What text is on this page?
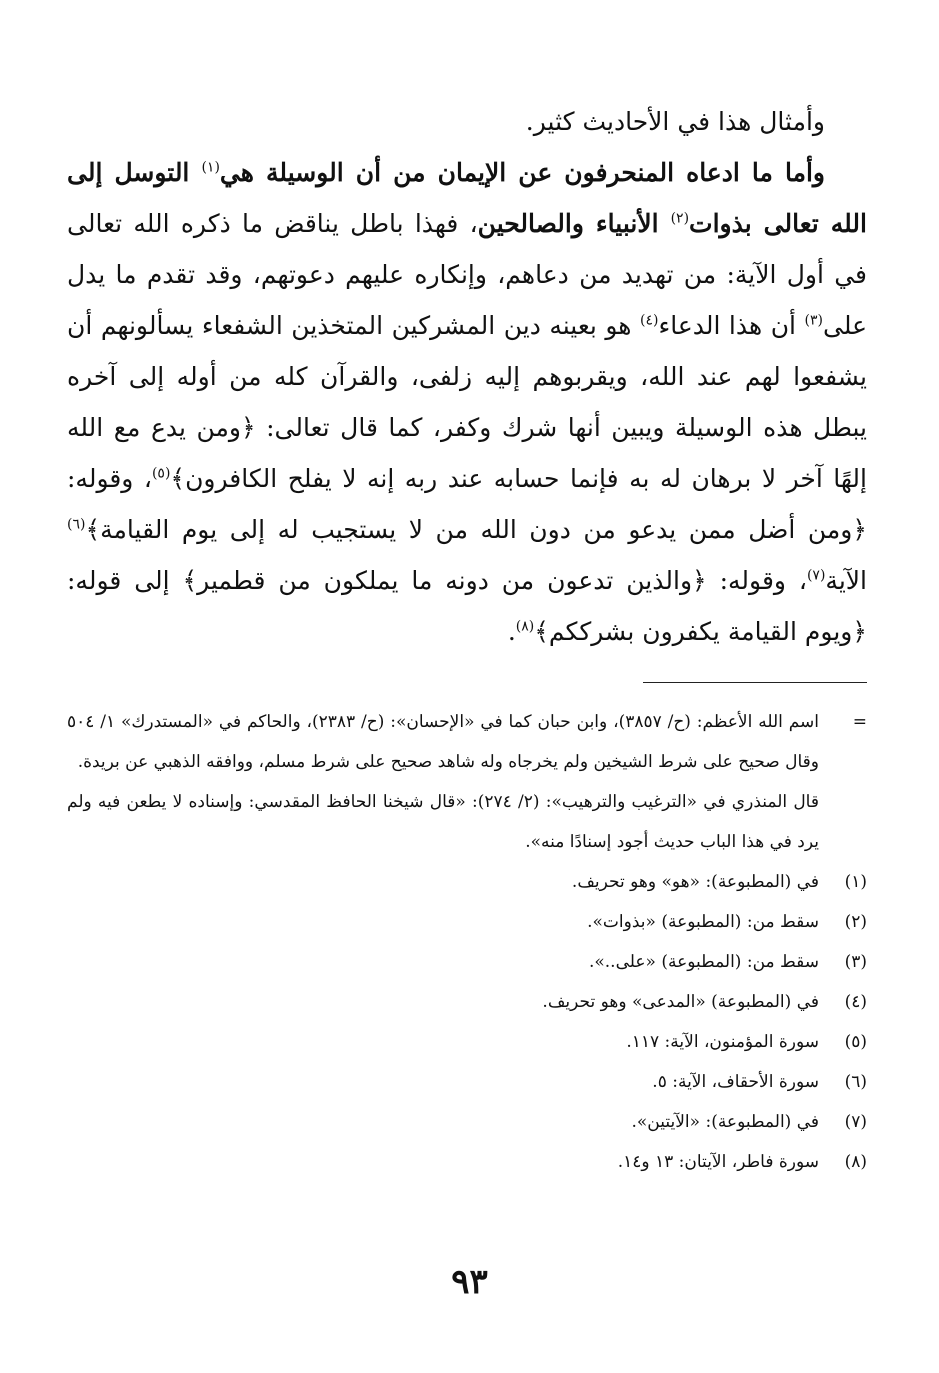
وأمثال هذا في الأحاديث كثير.

وأما ما ادعاه المنحرفون عن الإيمان من أن الوسيلة هي$^{(١)}$ التوسل إلى الله تعالى بذوات$^{(٢)}$ الأنبياء والصالحين، فهذا باطل يناقض ما ذكره الله تعالى في أول الآية: من تهديد من دعاهم، وإنكاره عليهم دعوتهم، وقد تقدم ما يدل على$^{(٣)}$ أن هذا الدعاء$^{(٤)}$ هو بعينه دين المشركين المتخذين الشفعاء يسألونهم أن يشفعوا لهم عند الله، ويقربوهم إليه زلفى، والقرآن كله من أوله إلى آخره يبطل هذه الوسيلة ويبين أنها شرك وكفر، كما قال تعالى: ﴿ومن يدع مع الله إلهًا آخر لا برهان له به فإنما حسابه عند ربه إنه لا يفلح الكافرون﴾$^{(٥)}$، وقوله: ﴿ومن أضل ممن يدعو من دون الله من لا يستجيب له إلى يوم القيامة﴾$^{(٦)}$ الآية$^{(٧)}$، وقوله: ﴿والذين تدعون من دونه ما يملكون من قطمير﴾ إلى قوله: ﴿ويوم القيامة يكفرون بشرككم﴾$^{(٨)}$.

=

اسم الله الأعظم: (ح/ ٣٨٥٧)، وابن حبان كما في «الإحسان»: (ح/ ٢٣٨٣)، والحاكم في «المستدرك» ١/ ٥٠٤ وقال صحيح على شرط الشيخين ولم يخرجاه وله شاهد صحيح على شرط مسلم، ووافقه الذهبي عن بريدة.

قال المنذري في «الترغيب والترهيب»: (٢/ ٢٧٤): «قال شيخنا الحافظ المقدسي: وإسناده لا يطعن فيه ولم يرد في هذا الباب حديث أجود إسنادًا منه».

(١)
في (المطبوعة): «هو» وهو تحريف.
(٢)
سقط من: (المطبوعة) «بذوات».
(٣)
سقط من: (المطبوعة) «على..».
(٤)
في (المطبوعة) «المدعى» وهو تحريف.
(٥)
سورة المؤمنون، الآية: ١١٧.
(٦)
سورة الأحقاف، الآية: ٥.
(٧)
في (المطبوعة): «الآيتين».
(٨)
سورة فاطر، الآيتان: ١٣ و١٤.
٩٣
